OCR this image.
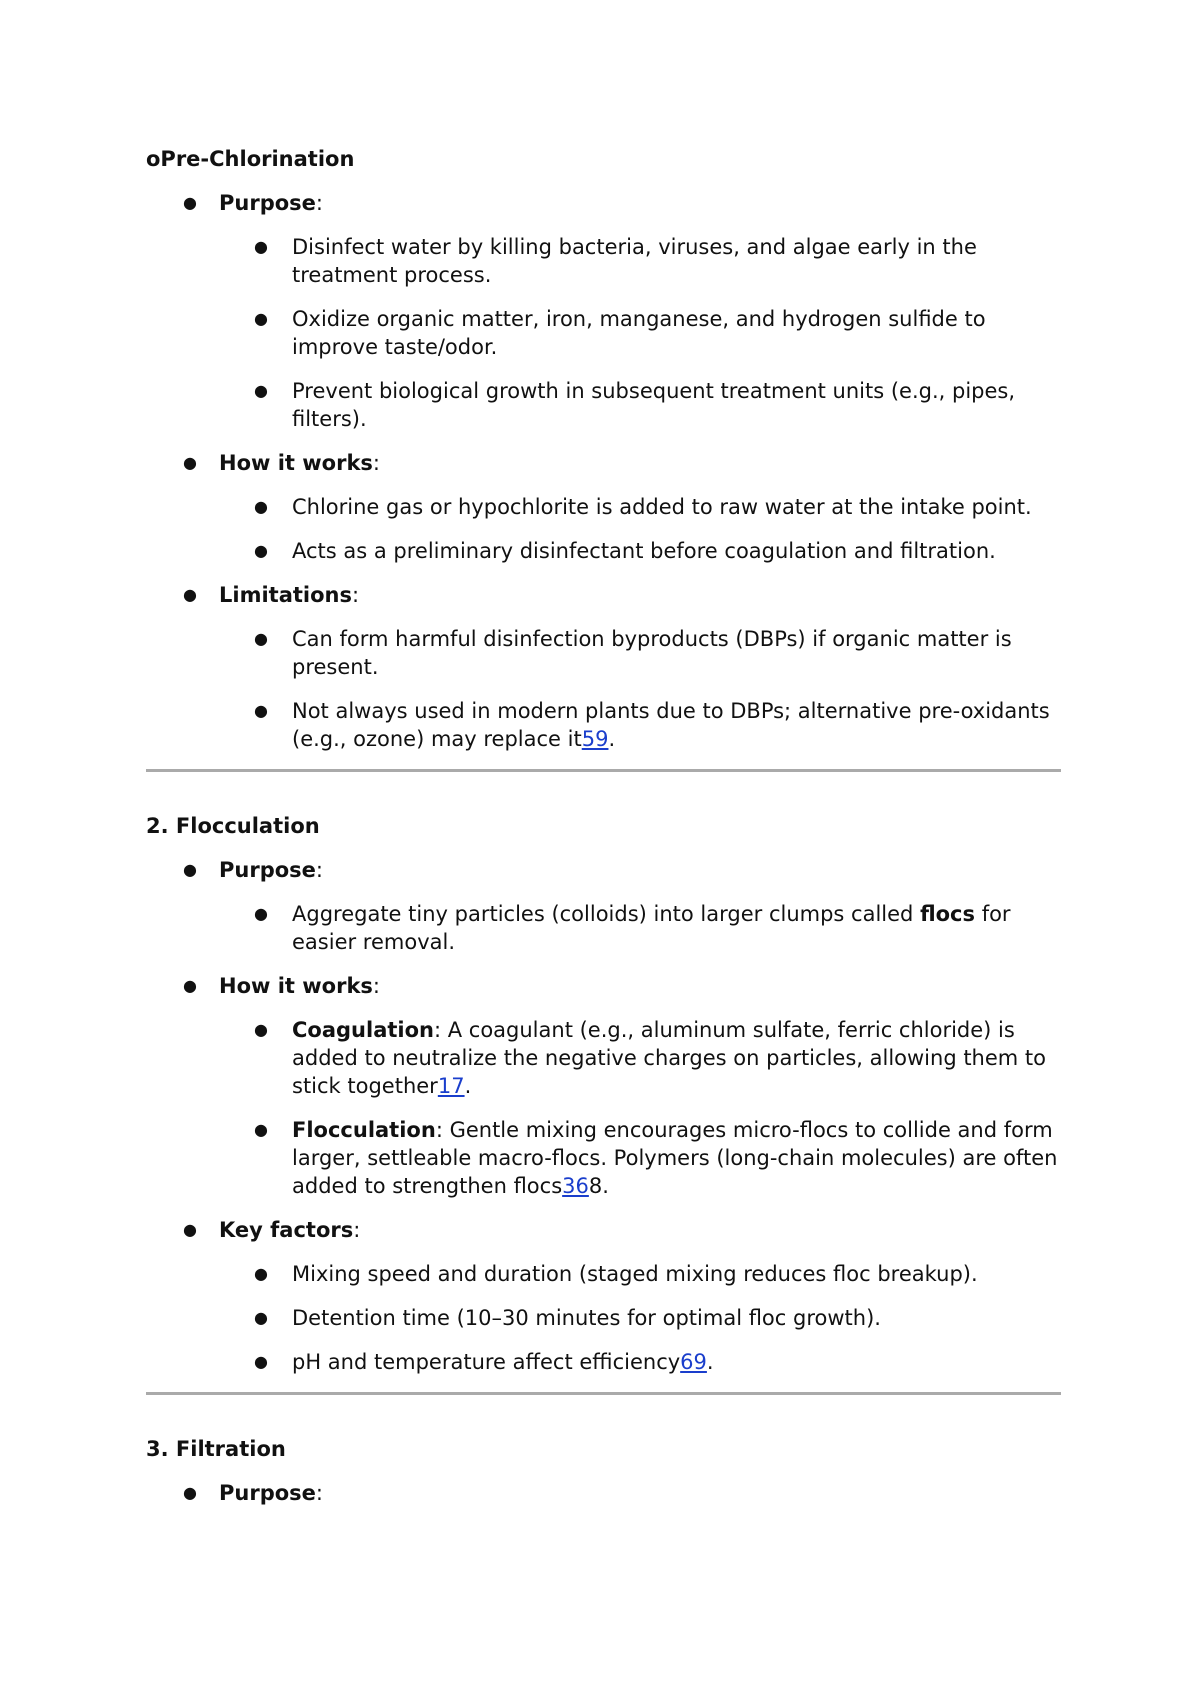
oPre-Chlorination

● Purpose:
● Disinfect water by killing bacteria, viruses, and algae early in the treatment process.
● Oxidize organic matter, iron, manganese, and hydrogen sulfide to improve taste/odor.
● Prevent biological growth in subsequent treatment units (e.g., pipes, filters).
● How it works:
● Chlorine gas or hypochlorite is added to raw water at the intake point.
● Acts as a preliminary disinfectant before coagulation and filtration.
● Limitations:
● Can form harmful disinfection byproducts (DBPs) if organic matter is present.
● Not always used in modern plants due to DBPs; alternative pre-oxidants (e.g., ozone) may replace it59.

2. Flocculation

● Purpose:
● Aggregate tiny particles (colloids) into larger clumps called flocs for easier removal.
● How it works:
● Coagulation: A coagulant (e.g., aluminum sulfate, ferric chloride) is added to neutralize the negative charges on particles, allowing them to stick together17.
● Flocculation: Gentle mixing encourages micro-flocs to collide and form larger, settleable macro-flocs. Polymers (long-chain molecules) are often added to strengthen flocs368.
● Key factors:
● Mixing speed and duration (staged mixing reduces floc breakup).
● Detention time (10–30 minutes for optimal floc growth).
● pH and temperature affect efficiency69.

3. Filtration

● Purpose:
